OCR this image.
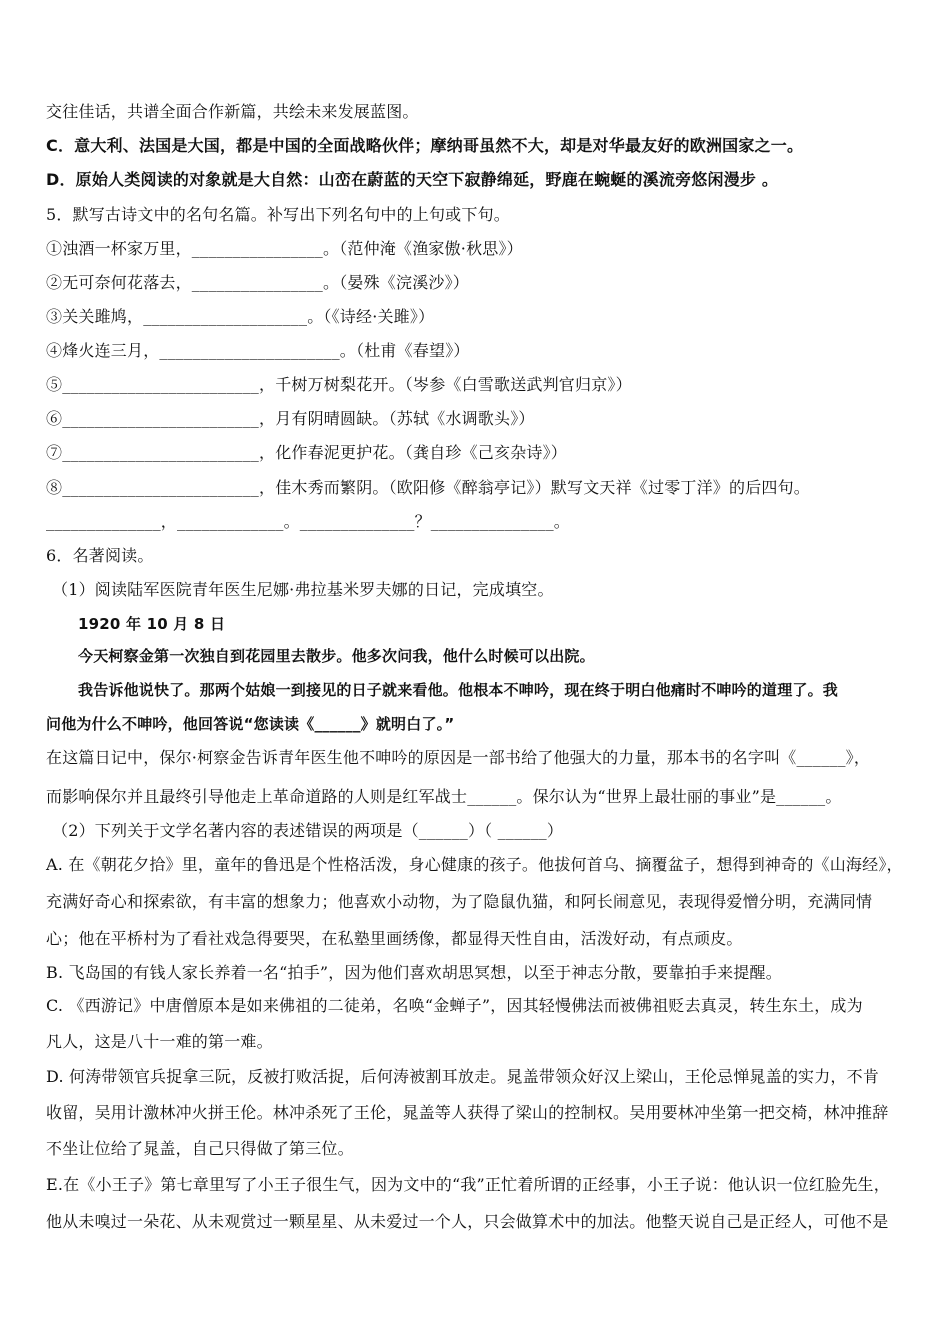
交往佳话，共谱全面合作新篇，共绘未来发展蓝图。
C．意大利、法国是大国，都是中国的全面战略伙伴；摩纳哥虽然不大，却是对华最友好的欧洲国家之一。
D．原始人类阅读的对象就是大自然：山峦在蔚蓝的天空下寂静绵延，野鹿在蜿蜒的溪流旁悠闲漫步 。
5．默写古诗文中的名句名篇。补写出下列名句中的上句或下句。
①浊酒一杯家万里，________________。（范仲淹《渔家傲·秋思》）
②无可奈何花落去，________________。（晏殊《浣溪沙》）
③关关雎鸠，____________________。（《诗经·关雎》）
④烽火连三月，______________________。（杜甫《春望》）
⑤________________________，千树万树梨花开。（岑参《白雪歌送武判官归京》）
⑥________________________，月有阴晴圆缺。（苏轼《水调歌头》）
⑦________________________，化作春泥更护花。（龚自珍《己亥杂诗》）
⑧________________________，佳木秀而繁阴。（欧阳修《醉翁亭记》）默写文天祥《过零丁洋》的后四句。
______________，_____________。______________？_______________。
6．名著阅读。
（1）阅读陆军医院青年医生尼娜·弗拉基米罗夫娜的日记，完成填空。
1920 年 10 月 8 日
今天柯察金第一次独自到花园里去散步。他多次问我，他什么时候可以出院。
我告诉他说快了。那两个姑娘一到接见的日子就来看他。他根本不呻吟，现在终于明白他痛时不呻吟的道理了。我
问他为什么不呻吟，他回答说“您读读《______》就明白了。”
在这篇日记中，保尔·柯察金告诉青年医生他不呻吟的原因是一部书给了他强大的力量，那本书的名字叫《______》，
而影响保尔并且最终引导他走上革命道路的人则是红军战士______。保尔认为“世界上最壮丽的事业”是______。
（2）下列关于文学名著内容的表述错误的两项是（______）（ ______）
A. 在《朝花夕拾》里，童年的鲁迅是个性格活泼，身心健康的孩子。他拔何首乌、摘覆盆子，想得到神奇的《山海经》，
充满好奇心和探索欲，有丰富的想象力；他喜欢小动物，为了隐鼠仇猫，和阿长闹意见，表现得爱憎分明，充满同情
心；他在平桥村为了看社戏急得要哭，在私塾里画绣像，都显得天性自由，活泼好动，有点顽皮。
B. 飞岛国的有钱人家长养着一名“拍手”，因为他们喜欢胡思冥想，以至于神志分散，要靠拍手来提醒。
C. 《西游记》中唐僧原本是如来佛祖的二徒弟，名唤“金蝉子”，因其轻慢佛法而被佛祖贬去真灵，转生东土，成为
凡人，这是八十一难的第一难。
D. 何涛带领官兵捉拿三阮，反被打败活捉，后何涛被割耳放走。晁盖带领众好汉上梁山，王伦忌惮晁盖的实力，不肯
收留，吴用计激林冲火拼王伦。林冲杀死了王伦，晁盖等人获得了梁山的控制权。吴用要林冲坐第一把交椅，林冲推辞
不坐让位给了晁盖，自己只得做了第三位。
E.在《小王子》第七章里写了小王子很生气，因为文中的“我”正忙着所谓的正经事，小王子说：他认识一位红脸先生，
他从未嗅过一朵花、从未观赏过一颗星星、从未爱过一个人，只会做算术中的加法。他整天说自己是正经人，可他不是
